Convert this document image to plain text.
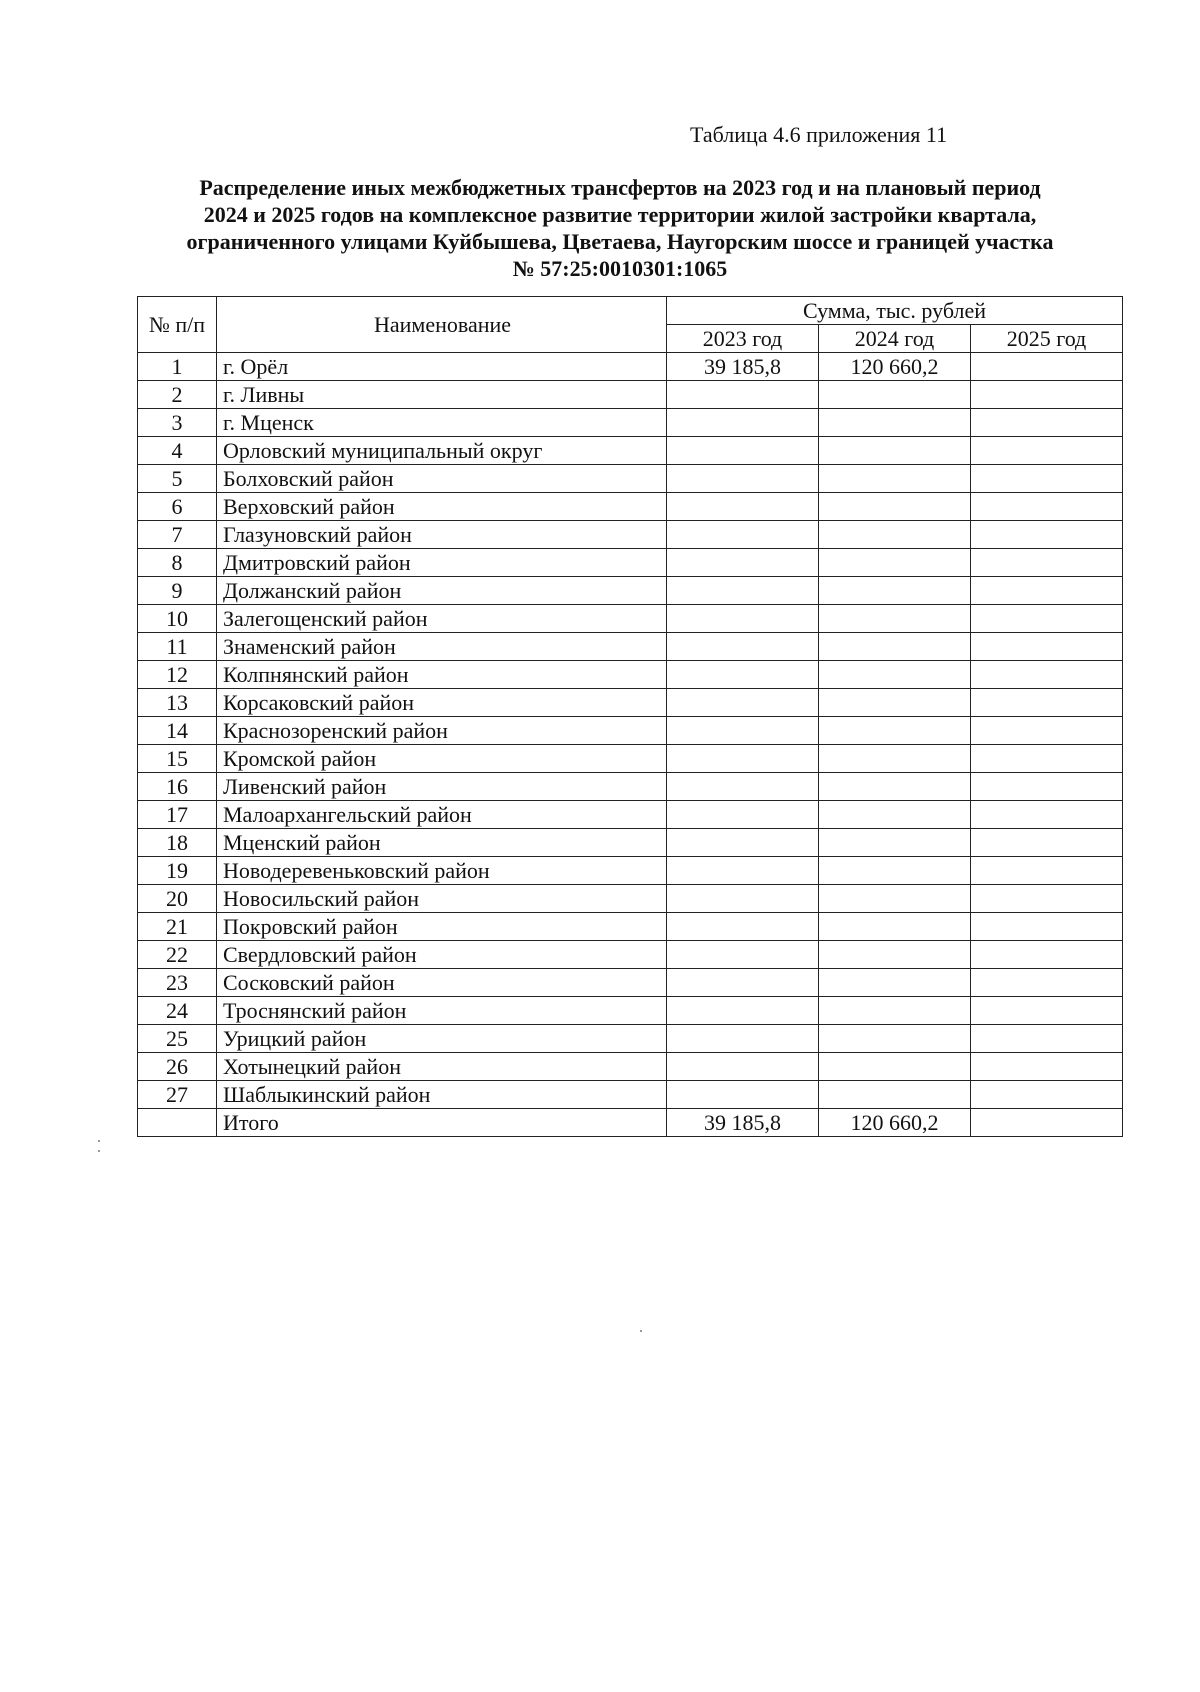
Таблица 4.6 приложения 11
Распределение иных межбюджетных трансфертов на 2023 год и на плановый период
2024 и 2025 годов на комплексное развитие территории жилой застройки квартала,
ограниченного улицами Куйбышева, Цветаева, Наугорским шоссе и границей участка
№ 57:25:0010301:1065
№ п/п	Наименование	Сумма, тыс. рублей		
		2023 год	2024 год	2025 год
1	г. Орёл	39 185,8	120 660,2	
2	г. Ливны			
3	г. Мценск			
4	Орловский муниципальный округ			
5	Болховский район			
6	Верховский район			
7	Глазуновский район			
8	Дмитровский район			
9	Должанский район			
10	Залегощенский район			
11	Знаменский район			
12	Колпнянский район			
13	Корсаковский район			
14	Краснозоренский район			
15	Кромской район			
16	Ливенский район			
17	Малоархангельский район			
18	Мценский район			
19	Новодеревеньковский район			
20	Новосильский район			
21	Покровский район			
22	Свердловский район			
23	Сосковский район			
24	Троснянский район			
25	Урицкий район			
26	Хотынецкий район			
27	Шаблыкинский район			
	Итого	39 185,8	120 660,2	
